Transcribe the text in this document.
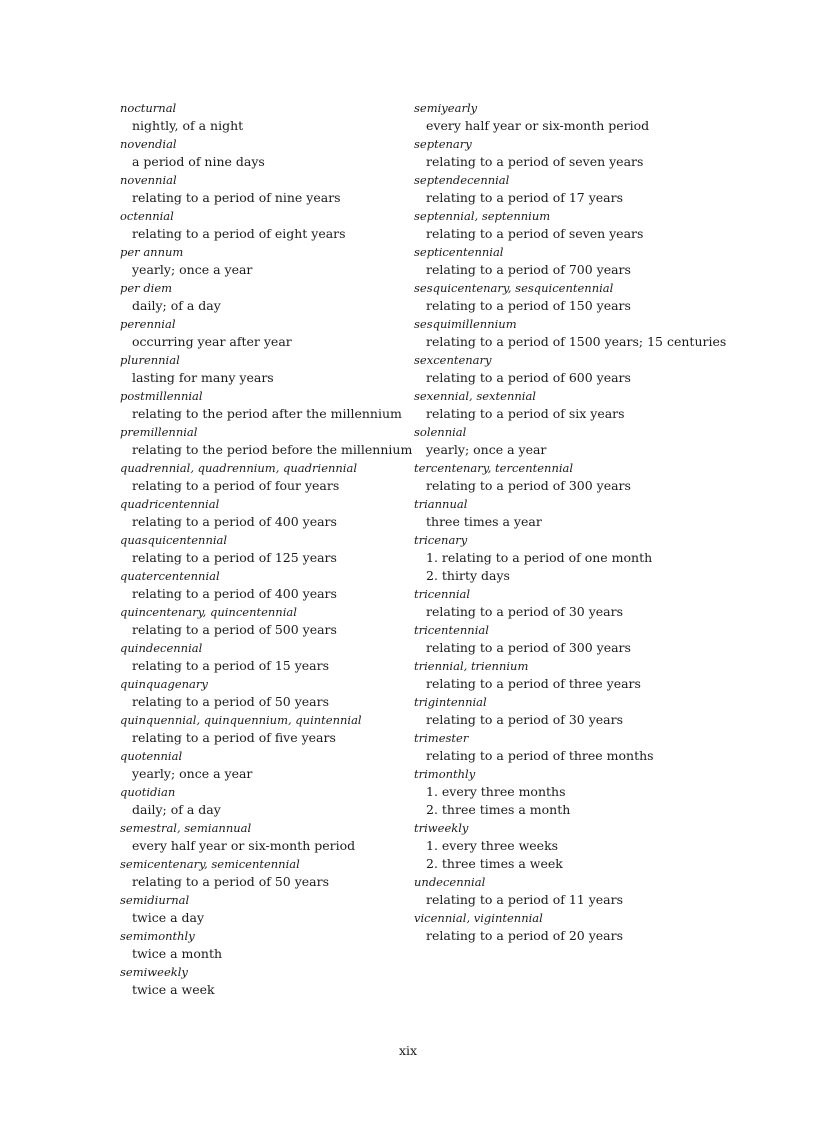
nocturnal
nightly, of a night
novendial
a period of nine days
novennial
relating to a period of nine years
octennial
relating to a period of eight years
per annum
yearly; once a year
per diem
daily; of a day
perennial
occurring year after year
plurennial
lasting for many years
postmillennial
relating to the period after the millennium
premillennial
relating to the period before the millennium
quadrennial, quadrennium, quadriennial
relating to a period of four years
quadricentennial
relating to a period of 400 years
quasquicentennial
relating to a period of 125 years
quatercentennial
relating to a period of 400 years
quincentenary, quincentennial
relating to a period of 500 years
quindecennial
relating to a period of 15 years
quinquagenary
relating to a period of 50 years
quinquennial, quinquennium, quintennial
relating to a period of five years
quotennial
yearly; once a year
quotidian
daily; of a day
semestral, semiannual
every half year or six-month period
semicentenary, semicentennial
relating to a period of 50 years
semidiurnal
twice a day
semimonthly
twice a month
semiweekly
twice a week
semiyearly
every half year or six-month period
septenary
relating to a period of seven years
septendecennial
relating to a period of 17 years
septennial, septennium
relating to a period of seven years
septicentennial
relating to a period of 700 years
sesquicentenary, sesquicentennial
relating to a period of 150 years
sesquimillennium
relating to a period of 1500 years; 15 centuries
sexcentenary
relating to a period of 600 years
sexennial, sextennial
relating to a period of six years
solennial
yearly; once a year
tercentenary, tercentennial
relating to a period of 300 years
triannual
three times a year
tricenary
1. relating to a period of one month
2. thirty days
tricennial
relating to a period of 30 years
tricentennial
relating to a period of 300 years
triennial, triennium
relating to a period of three years
trigintennial
relating to a period of 30 years
trimester
relating to a period of three months
trimonthly
1. every three months
2. three times a month
triweekly
1. every three weeks
2. three times a week
undecennial
relating to a period of 11 years
vicennial, vigintennial
relating to a period of 20 years
xix
